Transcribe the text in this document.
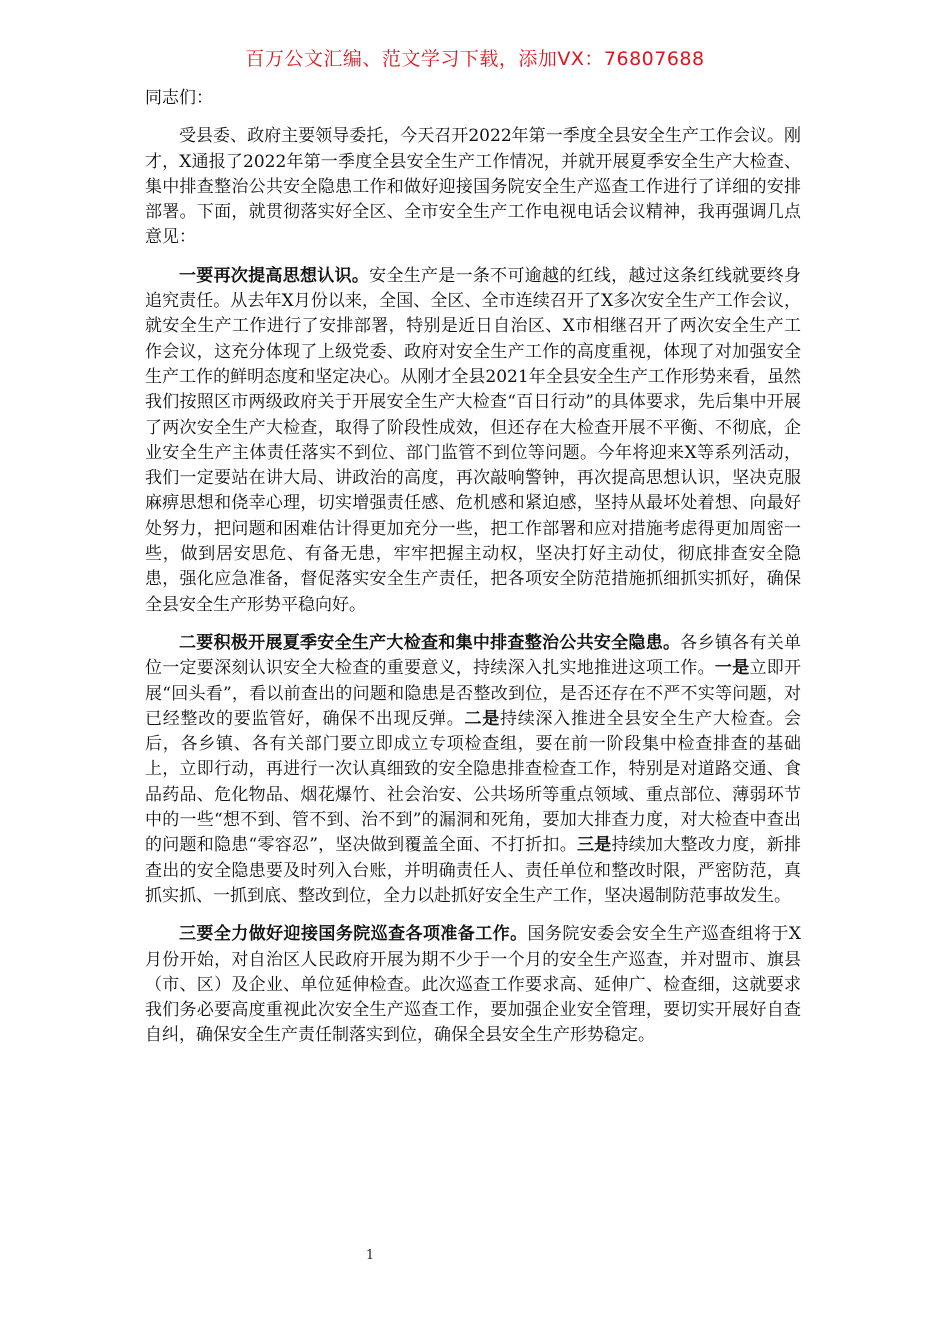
百万公文汇编、范文学习下载，添加VX：76807688

同志们：

受县委、政府主要领导委托，今天召开2022年第一季度全县安全生产工作会议。刚才，X通报了2022年第一季度全县安全生产工作情况，并就开展夏季安全生产大检查、集中排查整治公共安全隐患工作和做好迎接国务院安全生产巡查工作进行了详细的安排部署。下面，就贯彻落实好全区、全市安全生产工作电视电话会议精神，我再强调几点意见：

一要再次提高思想认识。安全生产是一条不可逾越的红线，越过这条红线就要终身追究责任。从去年X月份以来，全国、全区、全市连续召开了X多次安全生产工作会议，就安全生产工作进行了安排部署，特别是近日自治区、X市相继召开了两次安全生产工作会议，这充分体现了上级党委、政府对安全生产工作的高度重视，体现了对加强安全生产工作的鲜明态度和坚定决心。从刚才全县2021年全县安全生产工作形势来看，虽然我们按照区市两级政府关于开展安全生产大检查“百日行动”的具体要求，先后集中开展了两次安全生产大检查，取得了阶段性成效，但还存在大检查开展不平衡、不彻底，企业安全生产主体责任落实不到位、部门监管不到位等问题。今年将迎来X等系列活动，我们一定要站在讲大局、讲政治的高度，再次敲响警钟，再次提高思想认识，坚决克服麻痹思想和侥幸心理，切实增强责任感、危机感和紧迫感，坚持从最坏处着想、向最好处努力，把问题和困难估计得更加充分一些，把工作部署和应对措施考虑得更加周密一些，做到居安思危、有备无患，牢牢把握主动权，坚决打好主动仗，彻底排查安全隐患，强化应急准备，督促落实安全生产责任，把各项安全防范措施抓细抓实抓好，确保全县安全生产形势平稳向好。

二要积极开展夏季安全生产大检查和集中排查整治公共安全隐患。各乡镇各有关单位一定要深刻认识安全大检查的重要意义，持续深入扎实地推进这项工作。一是立即开展“回头看”，看以前查出的问题和隐患是否整改到位，是否还存在不严不实等问题，对已经整改的要监管好，确保不出现反弹。二是持续深入推进全县安全生产大检查。会后，各乡镇、各有关部门要立即成立专项检查组，要在前一阶段集中检查排查的基础上，立即行动，再进行一次认真细致的安全隐患排查检查工作，特别是对道路交通、食品药品、危化物品、烟花爆竹、社会治安、公共场所等重点领域、重点部位、薄弱环节中的一些“想不到、管不到、治不到”的漏洞和死角，要加大排查力度，对大检查中查出的问题和隐患“零容忍”，坚决做到覆盖全面、不打折扣。三是持续加大整改力度，新排查出的安全隐患要及时列入台账，并明确责任人、责任单位和整改时限，严密防范，真抓实抓、一抓到底、整改到位，全力以赴抓好安全生产工作，坚决遏制防范事故发生。

三要全力做好迎接国务院巡查各项准备工作。国务院安委会安全生产巡查组将于X月份开始，对自治区人民政府开展为期不少于一个月的安全生产巡查，并对盟市、旗县（市、区）及企业、单位延伸检查。此次巡查工作要求高、延伸广、检查细，这就要求我们务必要高度重视此次安全生产巡查工作，要加强企业安全管理，要切实开展好自查自纠，确保安全生产责任制落实到位，确保全县安全生产形势稳定。

1
